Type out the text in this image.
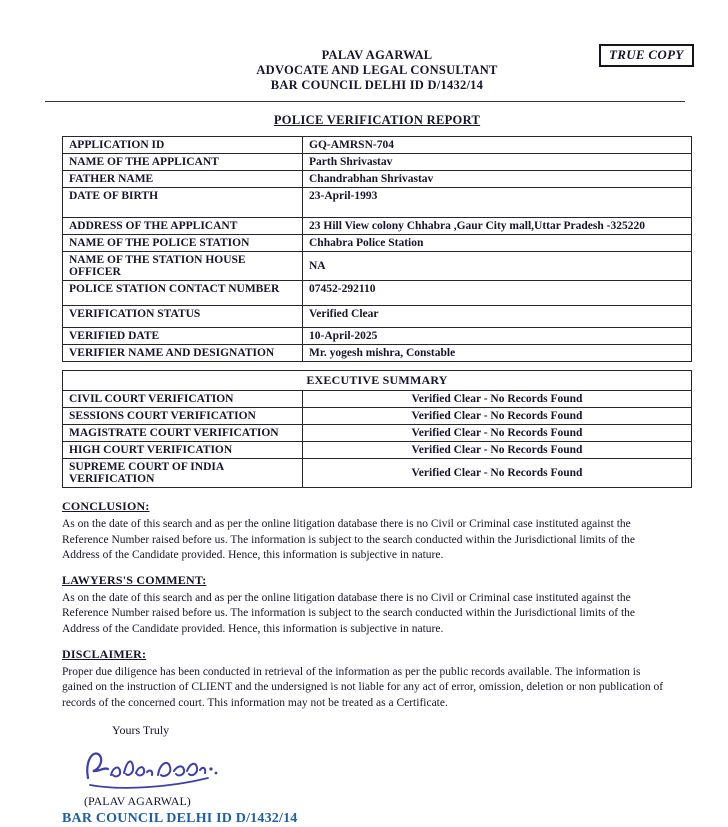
TRUE COPY
PALAV AGARWAL
ADVOCATE AND LEGAL CONSULTANT
BAR COUNCIL DELHI ID D/1432/14
POLICE VERIFICATION REPORT
APPLICATION ID	GQ-AMRSN-704
NAME OF THE APPLICANT	Parth Shrivastav
FATHER NAME	Chandrabhan Shrivastav
DATE OF BIRTH	23-April-1993
ADDRESS OF THE APPLICANT	23 Hill View colony Chhabra ,Gaur City mall,Uttar Pradesh -325220
NAME OF THE POLICE STATION	Chhabra Police Station
NAME OF THE STATION HOUSE OFFICER	NA
POLICE STATION CONTACT NUMBER	07452-292110
VERIFICATION STATUS	Verified Clear
VERIFIED DATE	10-April-2025
VERIFIER NAME AND DESIGNATION	Mr. yogesh mishra, Constable
EXECUTIVE SUMMARY	
CIVIL COURT VERIFICATION	Verified Clear - No Records Found
SESSIONS COURT VERIFICATION	Verified Clear - No Records Found
MAGISTRATE COURT VERIFICATION	Verified Clear - No Records Found
HIGH COURT VERIFICATION	Verified Clear - No Records Found
SUPREME COURT OF INDIA VERIFICATION	Verified Clear - No Records Found
CONCLUSION:

As on the date of this search and as per the online litigation database there is no Civil or Criminal case instituted against the Reference Number raised before us. The information is subject to the search conducted within the Jurisdictional limits of the Address of the Candidate provided. Hence, this information is subjective in nature.

LAWYERS'S COMMENT:

As on the date of this search and as per the online litigation database there is no Civil or Criminal case instituted against the Reference Number raised before us. The information is subject to the search conducted within the Jurisdictional limits of the Address of the Candidate provided. Hence, this information is subjective in nature.

DISCLAIMER:

Proper due diligence has been conducted in retrieval of the information as per the public records available. The information is gained on the instruction of CLIENT and the undersigned is not liable for any act of error, omission, deletion or non publication of records of the concerned court. This information may not be treated as a Certificate.

Yours Truly
(PALAV AGARWAL)
BAR COUNCIL DELHI ID D/1432/14
